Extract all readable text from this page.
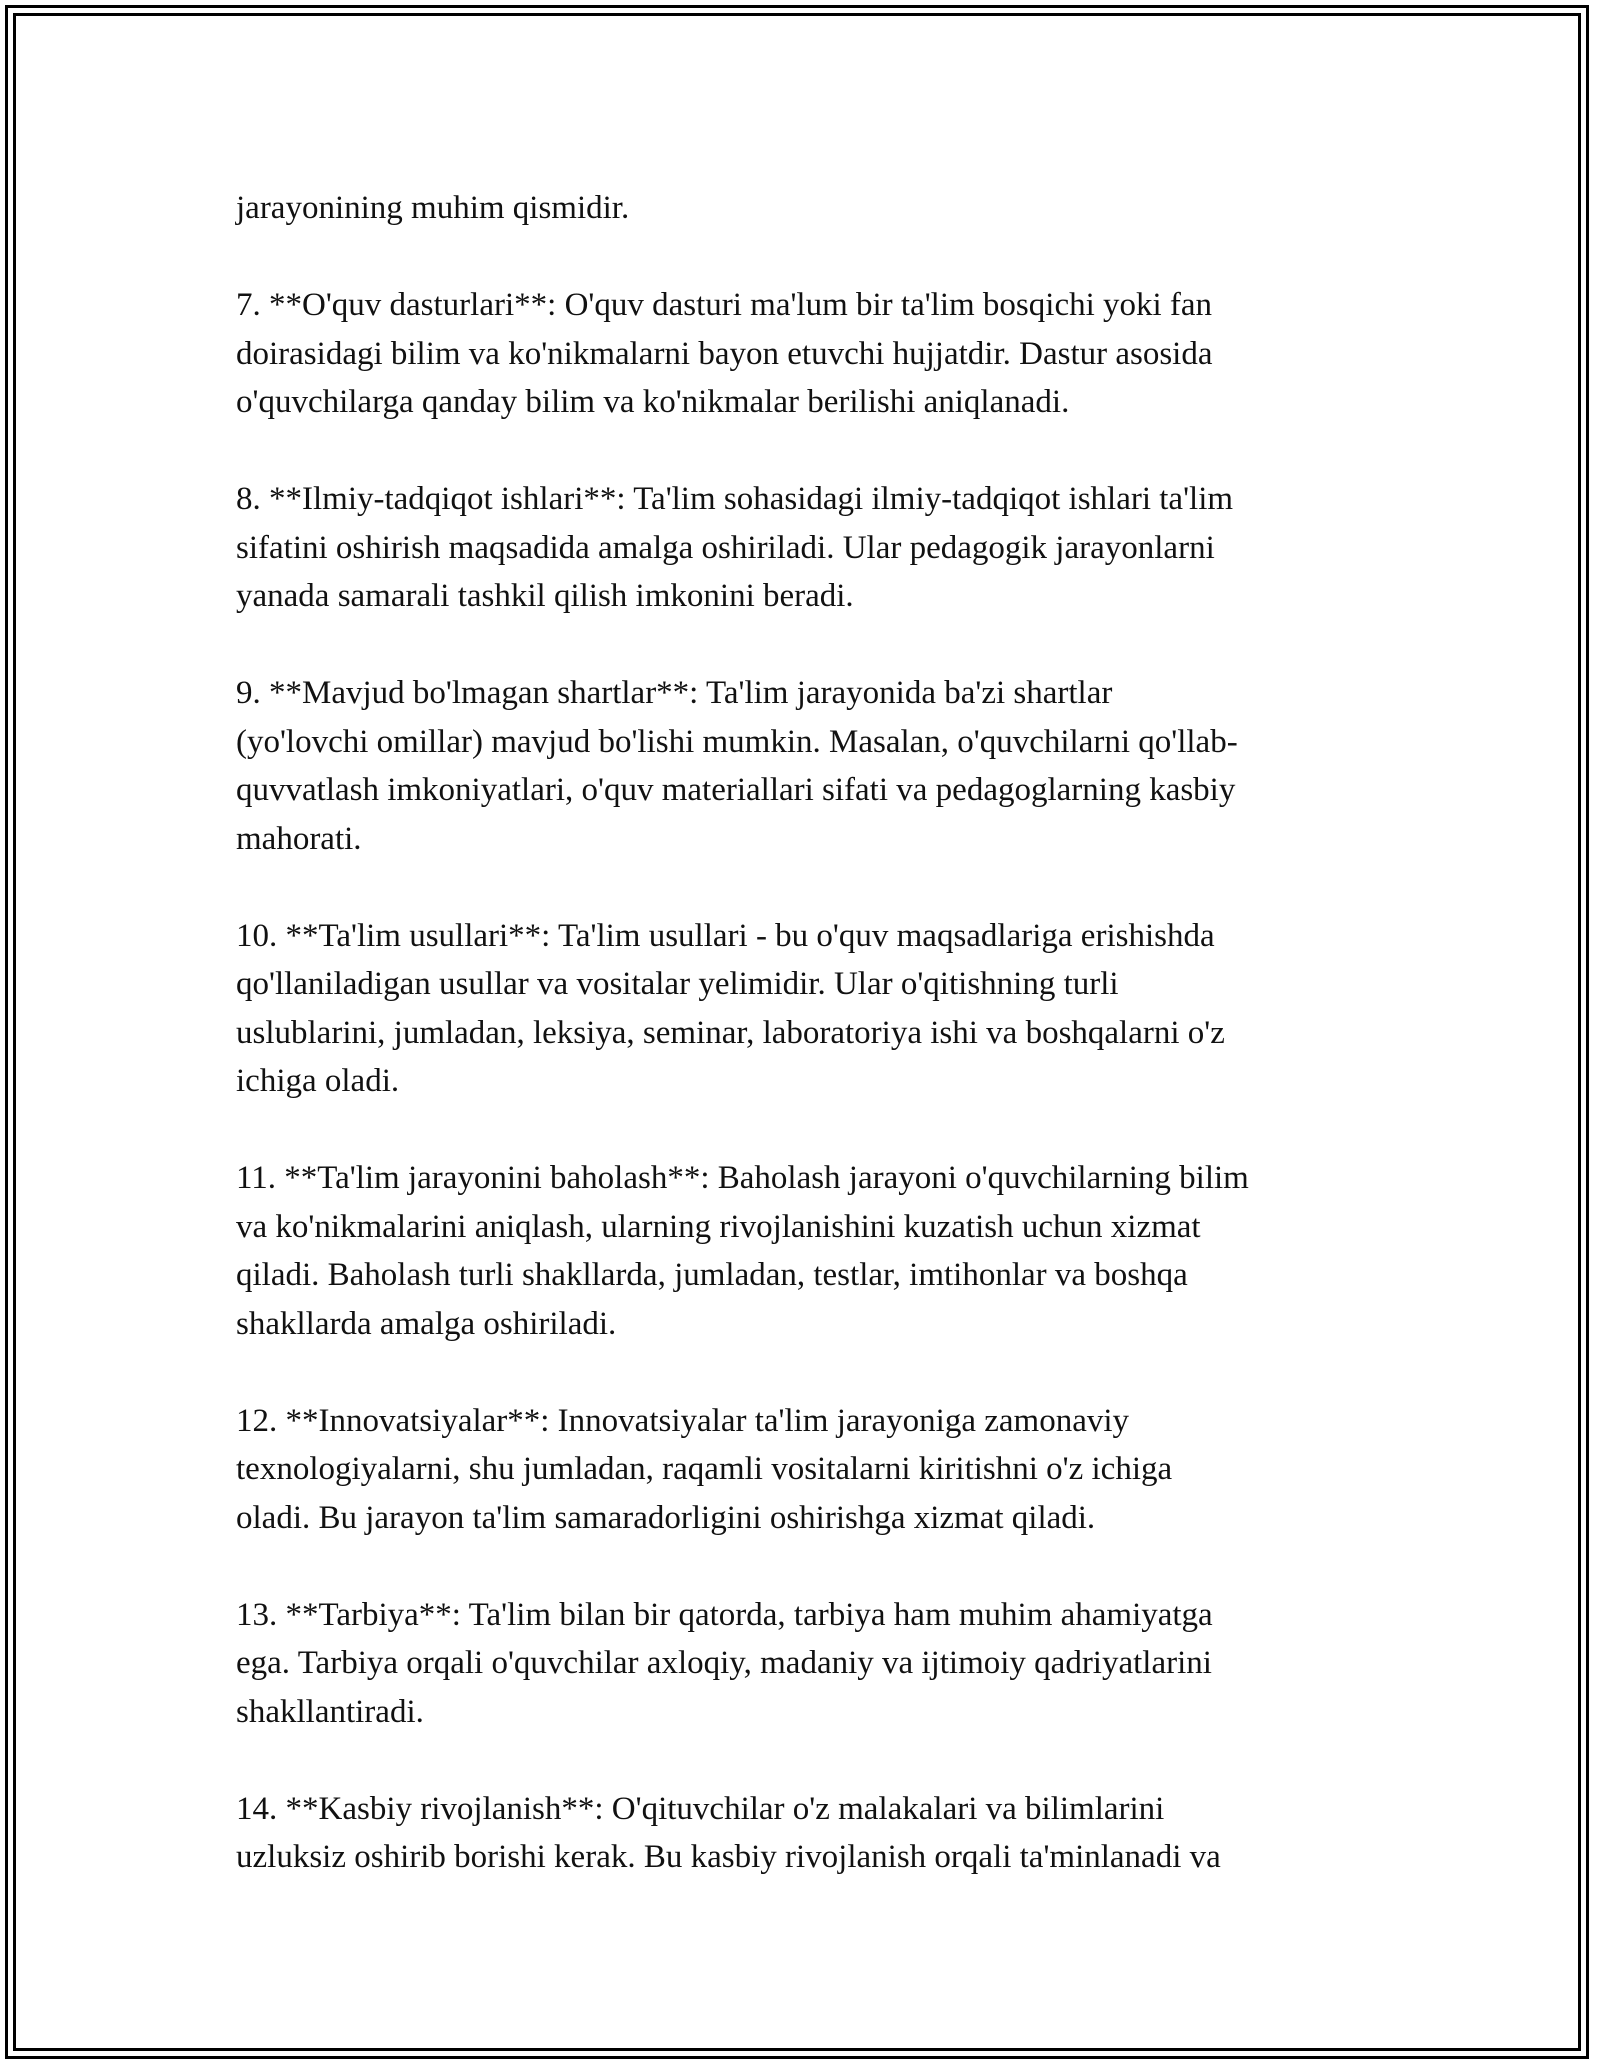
jarayonining muhim qismidir.

7. **O'quv dasturlari**: O'quv dasturi ma'lum bir ta'lim bosqichi yoki fan
doirasidagi bilim va ko'nikmalarni bayon etuvchi hujjatdir. Dastur asosida
o'quvchilarga qanday bilim va ko'nikmalar berilishi aniqlanadi.

8. **Ilmiy-tadqiqot ishlari**: Ta'lim sohasidagi ilmiy-tadqiqot ishlari ta'lim
sifatini oshirish maqsadida amalga oshiriladi. Ular pedagogik jarayonlarni
yanada samarali tashkil qilish imkonini beradi.

9. **Mavjud bo'lmagan shartlar**: Ta'lim jarayonida ba'zi shartlar
(yo'lovchi omillar) mavjud bo'lishi mumkin. Masalan, o'quvchilarni qo'llab-
quvvatlash imkoniyatlari, o'quv materiallari sifati va pedagoglarning kasbiy
mahorati.

10. **Ta'lim usullari**: Ta'lim usullari - bu o'quv maqsadlariga erishishda
qo'llaniladigan usullar va vositalar yelimidir. Ular o'qitishning turli
uslublarini, jumladan, leksiya, seminar, laboratoriya ishi va boshqalarni o'z
ichiga oladi.

11. **Ta'lim jarayonini baholash**: Baholash jarayoni o'quvchilarning bilim
va ko'nikmalarini aniqlash, ularning rivojlanishini kuzatish uchun xizmat
qiladi. Baholash turli shakllarda, jumladan, testlar, imtihonlar va boshqa
shakllarda amalga oshiriladi.

12. **Innovatsiyalar**: Innovatsiyalar ta'lim jarayoniga zamonaviy
texnologiyalarni, shu jumladan, raqamli vositalarni kiritishni o'z ichiga
oladi. Bu jarayon ta'lim samaradorligini oshirishga xizmat qiladi.

13. **Tarbiya**: Ta'lim bilan bir qatorda, tarbiya ham muhim ahamiyatga
ega. Tarbiya orqali o'quvchilar axloqiy, madaniy va ijtimoiy qadriyatlarini
shakllantiradi.

14. **Kasbiy rivojlanish**: O'qituvchilar o'z malakalari va bilimlarini
uzluksiz oshirib borishi kerak. Bu kasbiy rivojlanish orqali ta'minlanadi va
